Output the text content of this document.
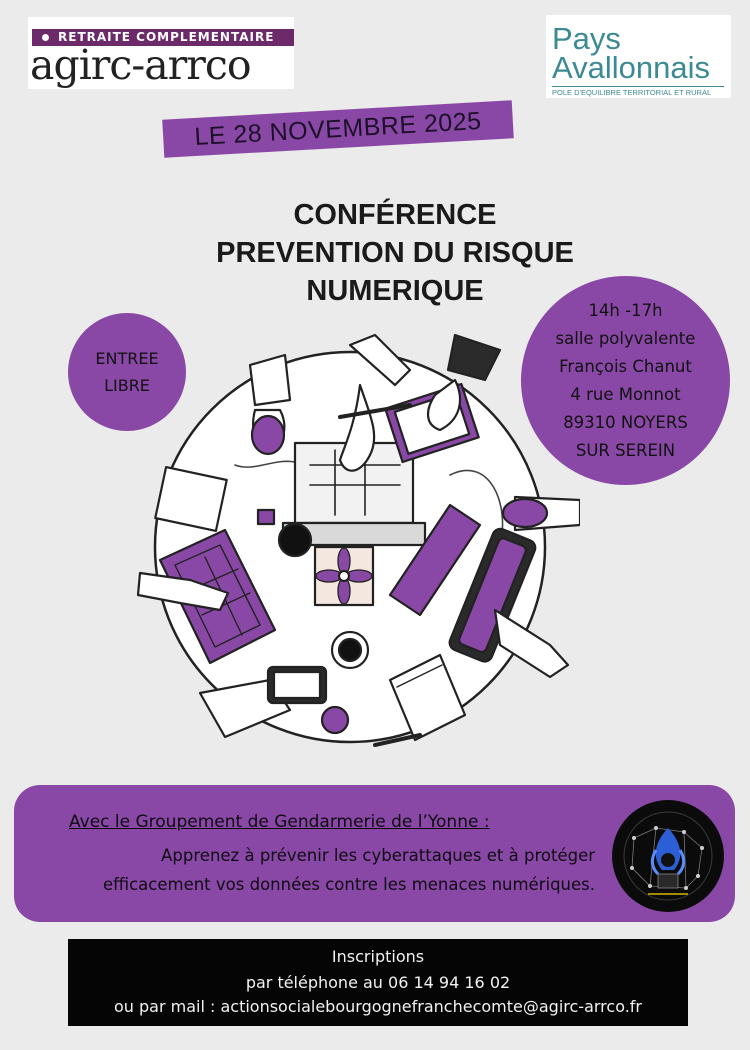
RETRAITE COMPLEMENTAIRE
agirc-arrco
Pays
Avallonnais
POLE D'EQUILIBRE TERRITORIAL ET RURAL
LE 28 NOVEMBRE 2025
CONFÉRENCE
PREVENTION DU RISQUE
NUMERIQUE
ENTREE
LIBRE
14h -17h
salle polyvalente
François Chanut
4 rue Monnot
89310 NOYERS
SUR SEREIN
Avec le Groupement de Gendarmerie de l’Yonne :
Apprenez à prévenir les cyberattaques et à protéger
efficacement vos données contre les menaces numériques.
Inscriptions
par téléphone au 06 14 94 16 02
ou par mail : actionsocialebourgognefranchecomte@agirc-arrco.fr
